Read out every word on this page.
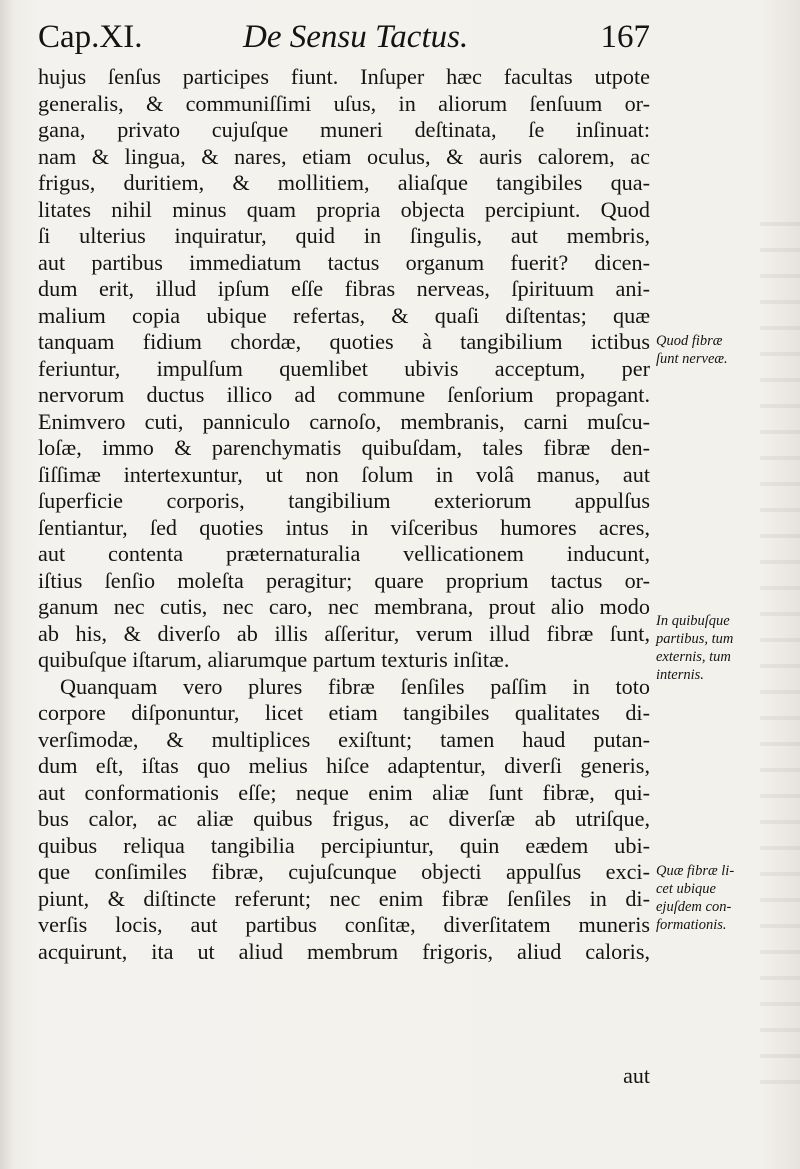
Cap.XI.	De Sensu Tactus.	167
hujus ſenſus participes fiunt. Inſuper hæc facultas utpote
generalis, & communiſſimi uſus, in aliorum ſenſuum or-
gana, privato cujuſque muneri deſtinata, ſe inſinuat:
nam & lingua, & nares, etiam oculus, & auris calorem, ac
frigus, duritiem, & mollitiem, aliaſque tangibiles qua-
litates nihil minus quam propria objecta percipiunt. Quod
ſi ulterius inquiratur, quid in ſingulis, aut membris,
aut partibus immediatum tactus organum fuerit? dicen-
dum erit, illud ipſum eſſe fibras nerveas, ſpirituum ani-
malium copia ubique refertas, & quaſi diſtentas; quæ
tanquam fidium chordæ, quoties à tangibilium ictibus
feriuntur, impulſum quemlibet ubivis acceptum, per
nervorum ductus illico ad commune ſenſorium propagant.
Enimvero cuti, panniculo carnoſo, membranis, carni muſcu-
loſæ, immo & parenchymatis quibuſdam, tales fibræ den-
ſiſſimæ intertexuntur, ut non ſolum in volâ manus, aut
ſuperficie corporis, tangibilium exteriorum appulſus
ſentiantur, ſed quoties intus in viſceribus humores acres,
aut contenta præternaturalia vellicationem inducunt,
iſtius ſenſio moleſta peragitur; quare proprium tactus or-
ganum nec cutis, nec caro, nec membrana, prout alio modo
ab his, & diverſo ab illis aſſeritur, verum illud fibræ ſunt,
quibuſque iſtarum, aliarumque partum texturis inſitæ.
Quanquam vero plures fibræ ſenſiles paſſim in toto
corpore diſponuntur, licet etiam tangibiles qualitates di-
verſimodæ, & multiplices exiſtunt; tamen haud putan-
dum eſt, iſtas quo melius hiſce adaptentur, diverſi generis,
aut conformationis eſſe; neque enim aliæ ſunt fibræ, qui-
bus calor, ac aliæ quibus frigus, ac diverſæ ab utriſque,
quibus reliqua tangibilia percipiuntur, quin eædem ubi-
que conſimiles fibræ, cujuſcunque objecti appulſus exci-
piunt, & diſtincte referunt; nec enim fibræ ſenſiles in di-
verſis locis, aut partibus conſitæ, diverſitatem muneris
acquirunt, ita ut aliud membrum frigoris, aliud caloris,
aut
Quod fibræ
ſunt nerveæ.
In quibuſque
partibus, tum
externis, tum
internis.
Quæ fibræ li-
cet ubique
ejuſdem con-
formationis.
